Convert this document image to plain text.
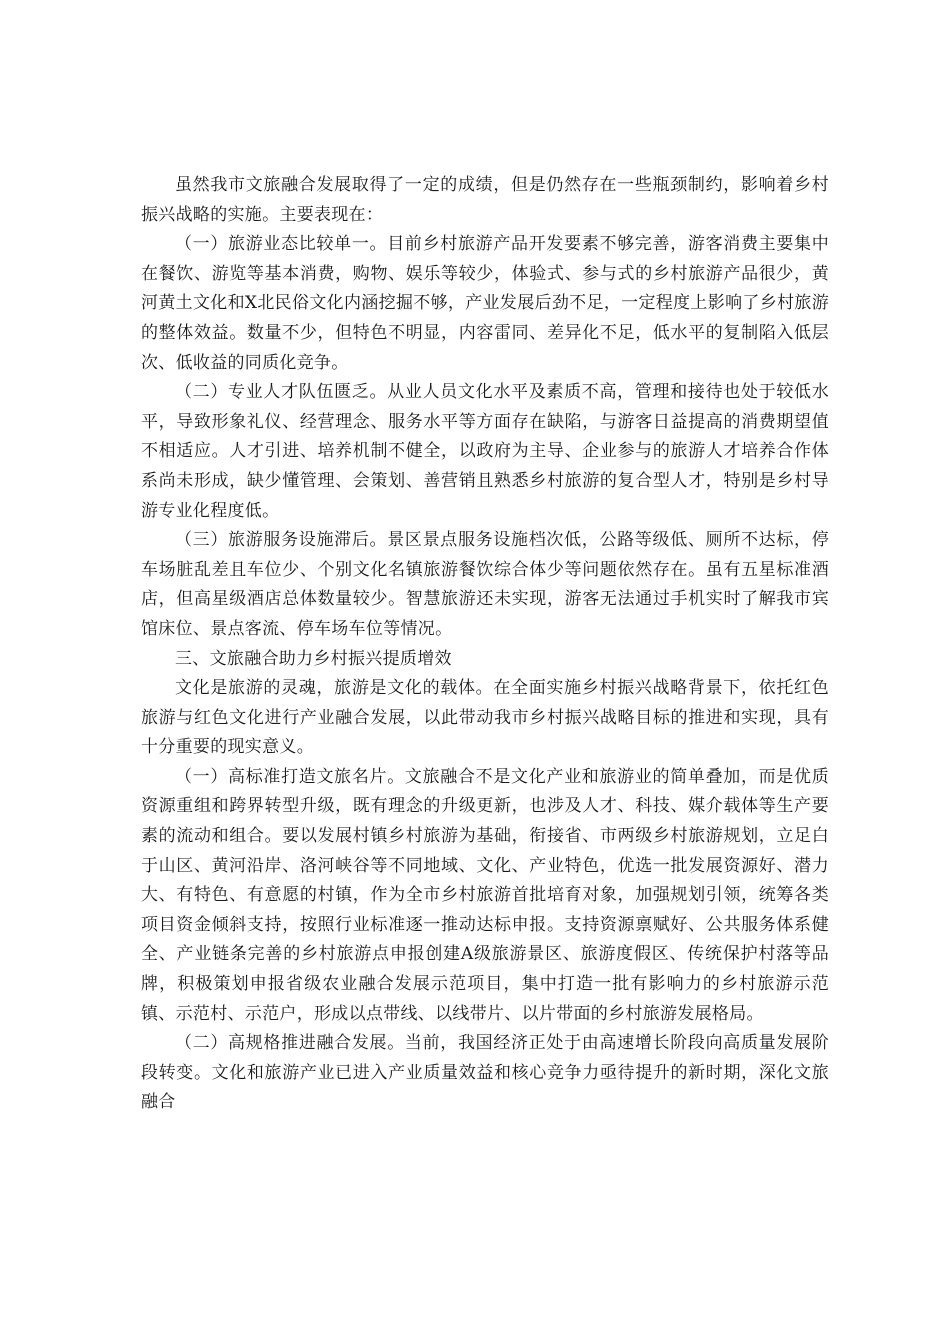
虽然我市文旅融合发展取得了一定的成绩，但是仍然存在一些瓶颈制约，影响着乡村振兴战略的实施。主要表现在：

（一）旅游业态比较单一。目前乡村旅游产品开发要素不够完善，游客消费主要集中在餐饮、游览等基本消费，购物、娱乐等较少，体验式、参与式的乡村旅游产品很少，黄河黄土文化和X北民俗文化内涵挖掘不够，产业发展后劲不足，一定程度上影响了乡村旅游的整体效益。数量不少，但特色不明显，内容雷同、差异化不足，低水平的复制陷入低层次、低收益的同质化竞争。

（二）专业人才队伍匮乏。从业人员文化水平及素质不高，管理和接待也处于较低水平，导致形象礼仪、经营理念、服务水平等方面存在缺陷，与游客日益提高的消费期望值不相适应。人才引进、培养机制不健全，以政府为主导、企业参与的旅游人才培养合作体系尚未形成，缺少懂管理、会策划、善营销且熟悉乡村旅游的复合型人才，特别是乡村导游专业化程度低。

（三）旅游服务设施滞后。景区景点服务设施档次低，公路等级低、厕所不达标，停车场脏乱差且车位少、个别文化名镇旅游餐饮综合体少等问题依然存在。虽有五星标准酒店，但高星级酒店总体数量较少。智慧旅游还未实现，游客无法通过手机实时了解我市宾馆床位、景点客流、停车场车位等情况。

三、文旅融合助力乡村振兴提质增效

文化是旅游的灵魂，旅游是文化的载体。在全面实施乡村振兴战略背景下，依托红色旅游与红色文化进行产业融合发展，以此带动我市乡村振兴战略目标的推进和实现，具有十分重要的现实意义。

（一）高标准打造文旅名片。文旅融合不是文化产业和旅游业的简单叠加，而是优质资源重组和跨界转型升级，既有理念的升级更新，也涉及人才、科技、媒介载体等生产要素的流动和组合。要以发展村镇乡村旅游为基础，衔接省、市两级乡村旅游规划，立足白于山区、黄河沿岸、洛河峡谷等不同地域、文化、产业特色，优选一批发展资源好、潜力大、有特色、有意愿的村镇，作为全市乡村旅游首批培育对象，加强规划引领，统筹各类项目资金倾斜支持，按照行业标准逐一推动达标申报。支持资源禀赋好、公共服务体系健全、产业链条完善的乡村旅游点申报创建A级旅游景区、旅游度假区、传统保护村落等品牌，积极策划申报省级农业融合发展示范项目，集中打造一批有影响力的乡村旅游示范镇、示范村、示范户，形成以点带线、以线带片、以片带面的乡村旅游发展格局。

（二）高规格推进融合发展。当前，我国经济正处于由高速增长阶段向高质量发展阶段转变。文化和旅游产业已进入产业质量效益和核心竞争力亟待提升的新时期，深化文旅融合
